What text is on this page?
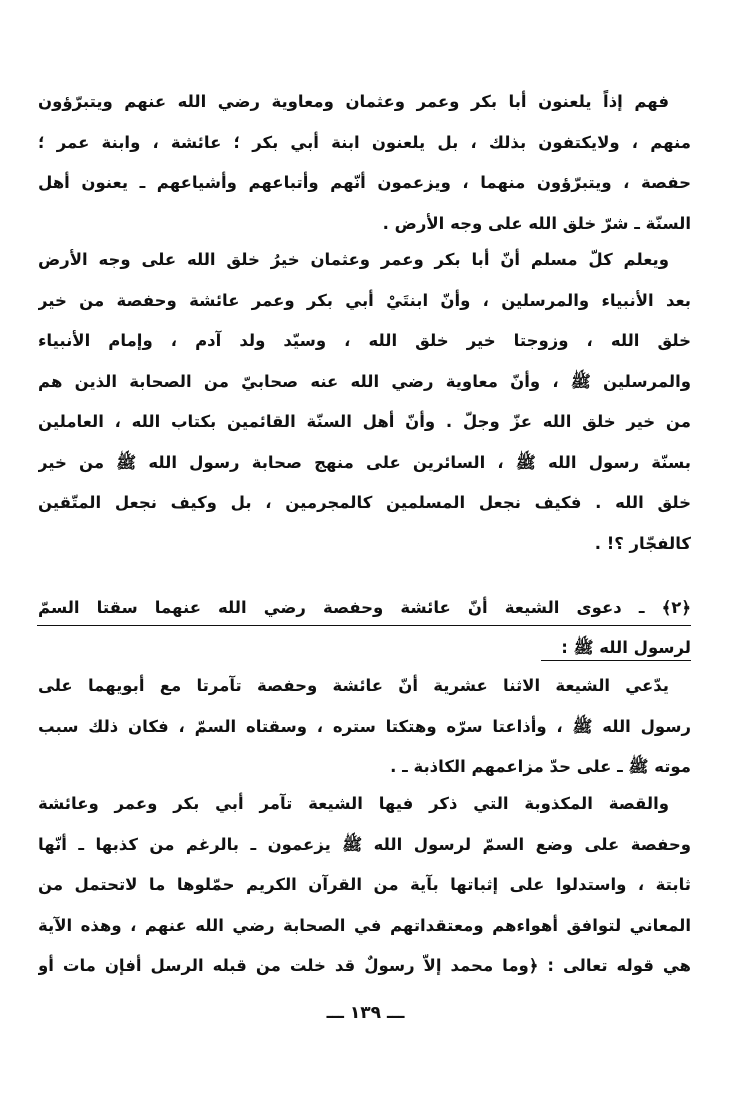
فهم إذاً يلعنون أبا بكر وعمر وعثمان ومعاوية رضي الله عنهم ويتبرّؤون
منهم ، ولايكتفون بذلك ، بل يلعنون ابنة أبي بكر ؛ عائشة ، وابنة عمر ؛
حفصة ، ويتبرّؤون منهما ، ويزعمون أنّهم وأتباعهم وأشياعهم ـ يعنون أهل
السنّة ـ شرّ خلق الله على وجه الأرض .
ويعلم كلّ مسلم أنّ أبا بكر وعمر وعثمان خيرُ خلق الله على وجه الأرض
بعد الأنبياء والمرسلين ، وأنّ ابنتَيْ أبي بكر وعمر عائشة وحفصة من خير
خلق الله ، وزوجتا خير خلق الله ، وسيّد ولد آدم ، وإمام الأنبياء
والمرسلين ﷺ ، وأنّ معاوية رضي الله عنه صحابيّ من الصحابة الذين هم
من خير خلق الله عزّ وجلّ . وأنّ أهل السنّة القائمين بكتاب الله ، العاملين
بسنّة رسول الله ﷺ ، السائرين على منهج صحابة رسول الله ﷺ من خير
خلق الله . فكيف نجعل المسلمين كالمجرمين ، بل وكيف نجعل المتّقين
كالفجّار ؟! .
﴿٢﴾ ـ دعوى الشيعة أنّ عائشة وحفصة رضي الله عنهما سقتا السمّ
لرسول الله ﷺ :
يدّعي الشيعة الاثنا عشرية أنّ عائشة وحفصة تآمرتا مع أبويهما على
رسول الله ﷺ ، وأذاعتا سرّه وهتكتا ستره ، وسقتاه السمّ ، فكان ذلك سبب
موته ﷺ ـ على حدّ مزاعمهم الكاذبة ـ .
والقصة المكذوبة التي ذكر فيها الشيعة تآمر أبي بكر وعمر وعائشة
وحفصة على وضع السمّ لرسول الله ﷺ يزعمون ـ بالرغم من كذبها ـ أنّها
ثابتة ، واستدلوا على إثباتها بآية من القرآن الكريم حمّلوها ما لاتحتمل من
المعاني لتوافق أهواءهم ومعتقداتهم في الصحابة رضي الله عنهم ، وهذه الآية
هي قوله تعالى : ﴿وما محمد إلاّ رسولٌ قد خلت من قبله الرسل أفإن مات أو
ـــ ١٣٩ ـــ
